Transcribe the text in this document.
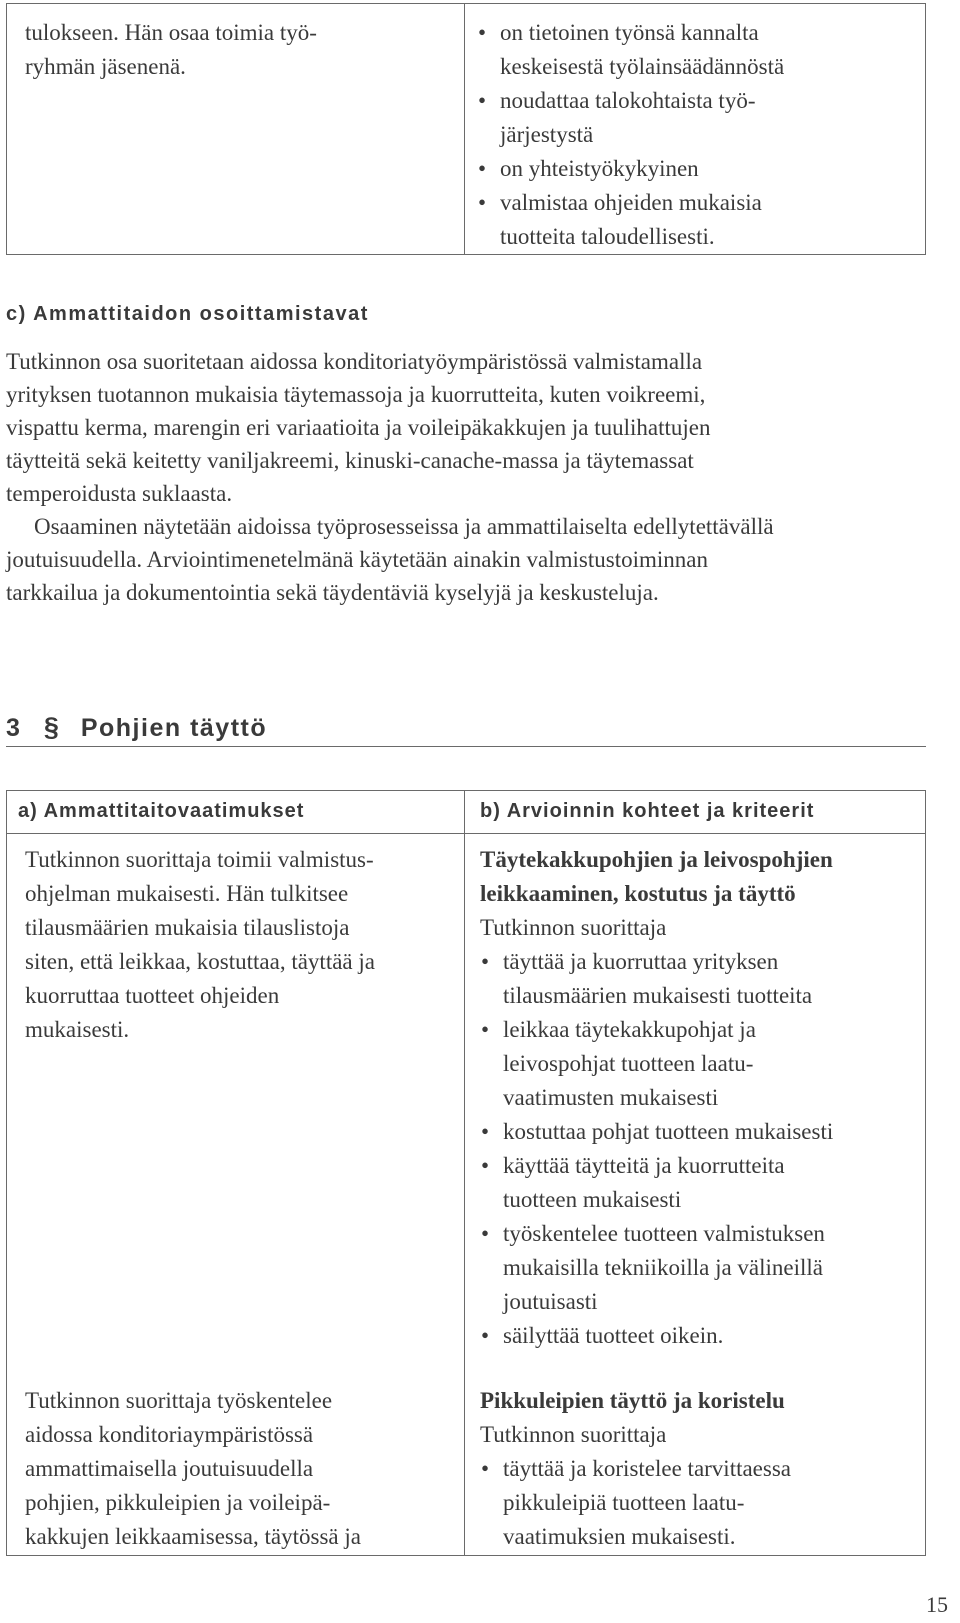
tulokseen. Hän osaa toimia työ-

ryhmän jäsenenä.

• on tietoinen työnsä kannalta
keskeisestä työlainsäädännöstä
• noudattaa talokohtaista työ-
järjestystä
• on yhteistyökykyinen
• valmistaa ohjeiden mukaisia
tuotteita taloudellisesti.
c) Ammattitaidon osoittamistavat

Tutkinnon osa suoritetaan aidossa konditoriatyöympäristössä valmistamalla

yrityksen tuotannon mukaisia täytemassoja ja kuorrutteita, kuten voikreemi,

vispattu kerma, marengin eri variaatioita ja voileipäkakkujen ja tuulihattujen

täytteitä sekä keitetty vaniljakreemi, kinuski-canache-massa ja täytemassat

temperoidusta suklaasta.

Osaaminen näytetään aidoissa työprosesseissa ja ammattilaiselta edellytettävällä

joutuisuudella. Arviointimenetelmänä käytetään ainakin valmistustoiminnan

tarkkailua ja dokumentointia sekä täydentäviä kyselyjä ja keskusteluja.

3 § Pohjien täyttö
a) Ammattitaitovaatimukset	b) Arvioinnin kohteet ja kriteerit

Tutkinnon suorittaja toimii valmistus-

ohjelman mukaisesti. Hän tulkitsee

tilausmäärien mukaisia tilauslistoja

siten, että leikkaa, kostuttaa, täyttää ja

kuorruttaa tuotteet ohjeiden

mukaisesti.

Tutkinnon suorittaja työskentelee

aidossa konditoriaympäristössä

ammattimaisella joutuisuudella

pohjien, pikkuleipien ja voileipä-

kakkujen leikkaamisessa, täytössä ja

Täytekakkupohjien ja leivospohjien

leikkaaminen, kostutus ja täyttö

Tutkinnon suorittaja

• täyttää ja kuorruttaa yrityksen
tilausmäärien mukaisesti tuotteita
• leikkaa täytekakkupohjat ja
leivospohjat tuotteen laatu-
vaatimusten mukaisesti
• kostuttaa pohjat tuotteen mukaisesti
• käyttää täytteitä ja kuorrutteita
tuotteen mukaisesti
• työskentelee tuotteen valmistuksen
mukaisilla tekniikoilla ja välineillä
joutuisasti
• säilyttää tuotteet oikein.

Pikkuleipien täyttö ja koristelu

Tutkinnon suorittaja

• täyttää ja koristelee tarvittaessa
pikkuleipiä tuotteen laatu-
vaatimuksien mukaisesti.
15
